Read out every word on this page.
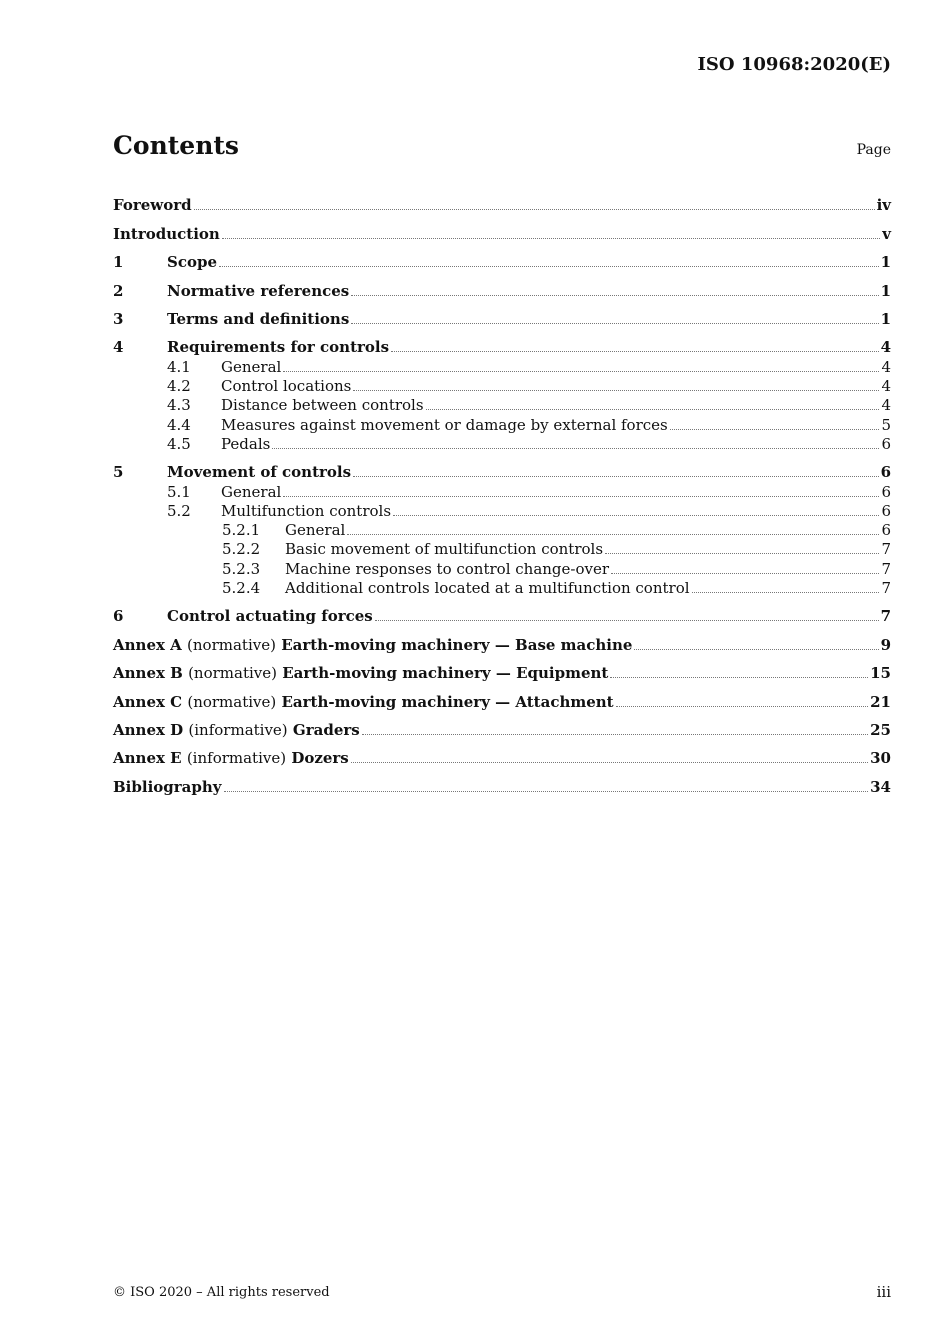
ISO 10968:2020(E)
Contents	Page
Foreword	iv
Introduction	v
1	Scope	1
2	Normative references	1
3	Terms and definitions	1
4	Requirements for controls	4
4.1	General	4
4.2	Control locations	4
4.3	Distance between controls	4
4.4	Measures against movement or damage by external forces	5
4.5	Pedals	6
5	Movement of controls	6
5.1	General	6
5.2	Multifunction controls	6
5.2.1	General	6
5.2.2	Basic movement of multifunction controls	7
5.2.3	Machine responses to control change-over	7
5.2.4	Additional controls located at a multifunction control	7
6	Control actuating forces	7
Annex A (normative) Earth-moving machinery — Base machine	9
Annex B (normative) Earth-moving machinery — Equipment	15
Annex C (normative) Earth-moving machinery — Attachment	21
Annex D (informative) Graders	25
Annex E (informative) Dozers	30
Bibliography	34
© ISO 2020 – All rights reserved	iii
